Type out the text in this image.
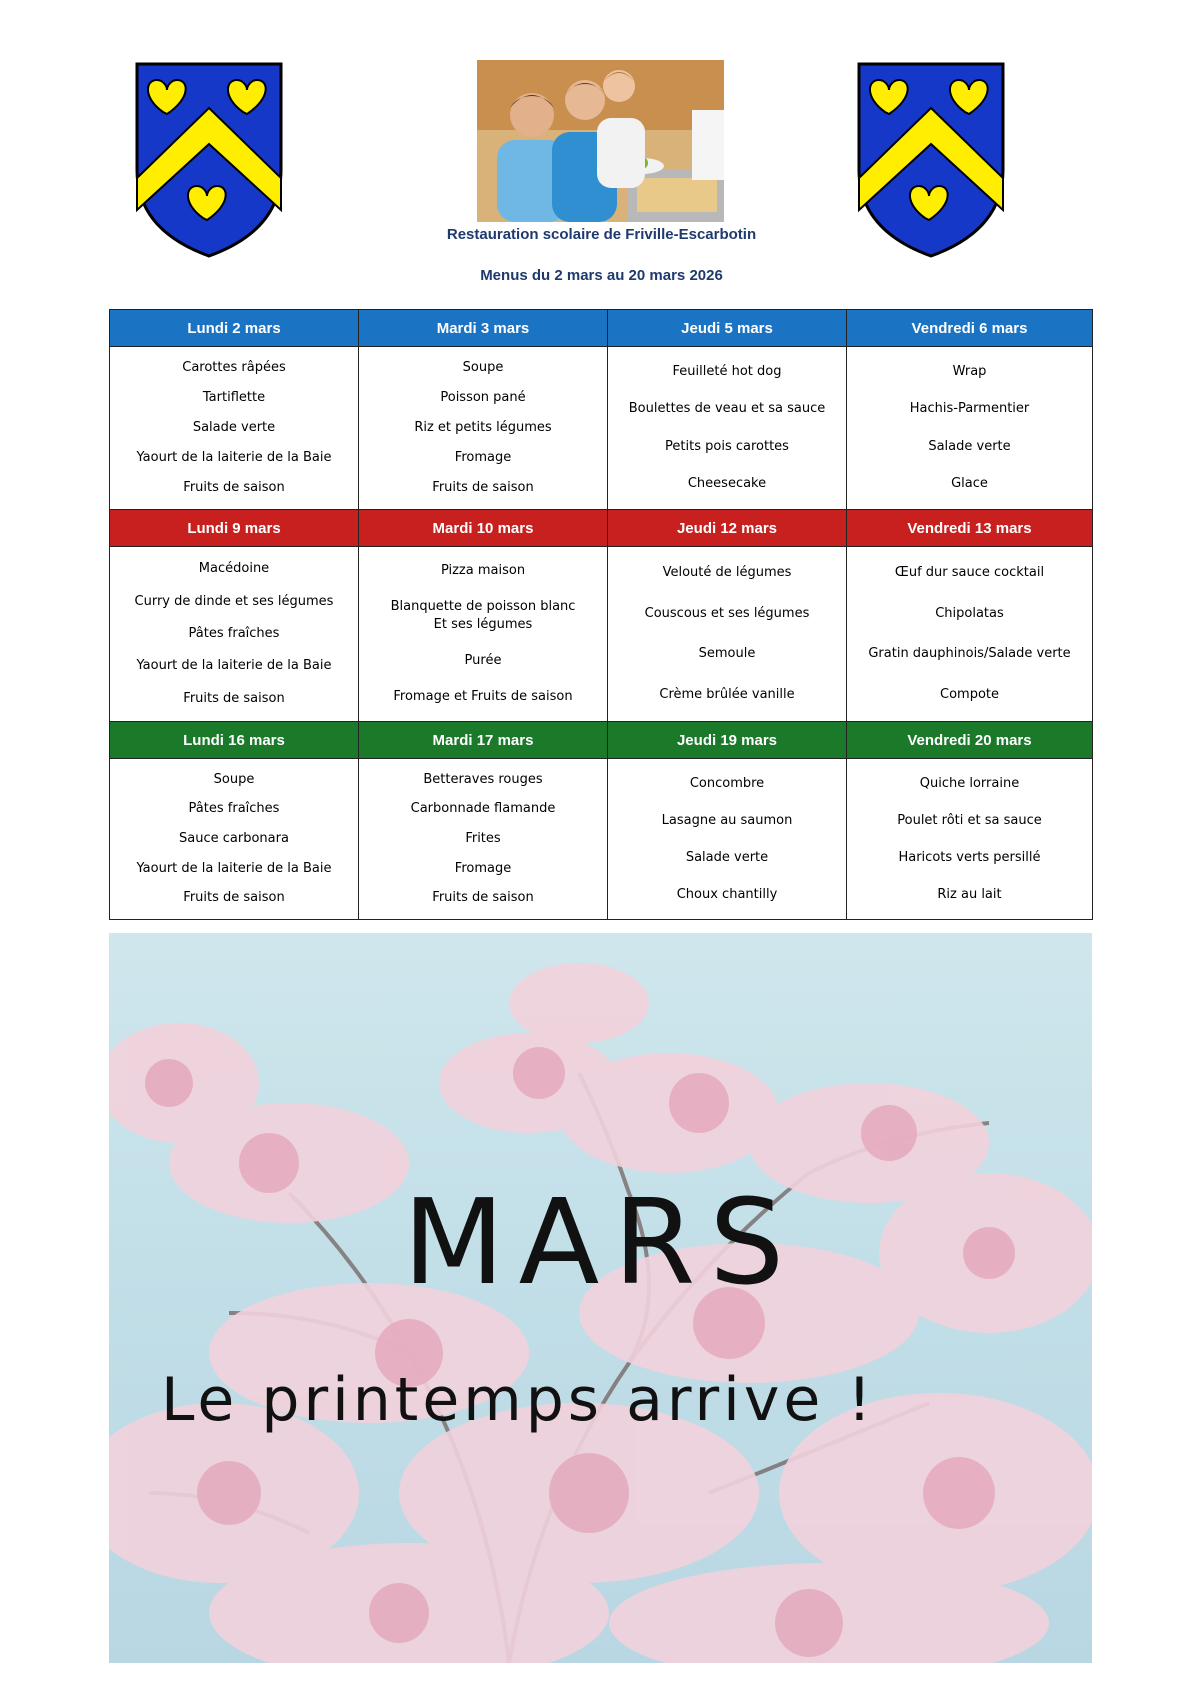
Restauration scolaire de Friville-Escarbotin
Menus du 2 mars au 20 mars 2026
Lundi 2 mars	Mardi 3 mars	Jeudi 5 mars	Vendredi 6 mars

Carottes râpées
Tartiflette
Salade verte
Yaourt de la laiterie de la Baie
Fruits de saison	Soupe
Poisson pané
Riz et petits légumes
Fromage
Fruits de saison	Feuilleté hot dog
Boulettes de veau et sa sauce
Petits pois carottes
Cheesecake	Wrap
Hachis-Parmentier
Salade verte
Glace

Lundi 9 mars	Mardi 10 mars	Jeudi 12 mars	Vendredi 13 mars

Macédoine
Curry de dinde et ses légumes
Pâtes fraîches
Yaourt de la laiterie de la Baie
Fruits de saison	Pizza maison
Blanquette de poisson blanc
Et ses légumes
Purée
Fromage et Fruits de saison	Velouté de légumes
Couscous et ses légumes
Semoule
Crème brûlée vanille	Œuf dur sauce cocktail
Chipolatas
Gratin dauphinois/Salade verte
Compote

Lundi 16 mars	Mardi 17 mars	Jeudi 19 mars	Vendredi 20 mars

Soupe
Pâtes fraîches
Sauce carbonara
Yaourt de la laiterie de la Baie
Fruits de saison	Betteraves rouges
Carbonnade flamande
Frites
Fromage
Fruits de saison	Concombre
Lasagne au saumon
Salade verte
Choux chantilly	Quiche lorraine
Poulet rôti et sa sauce
Haricots verts persillé
Riz au lait
MARS
Le printemps arrive !
